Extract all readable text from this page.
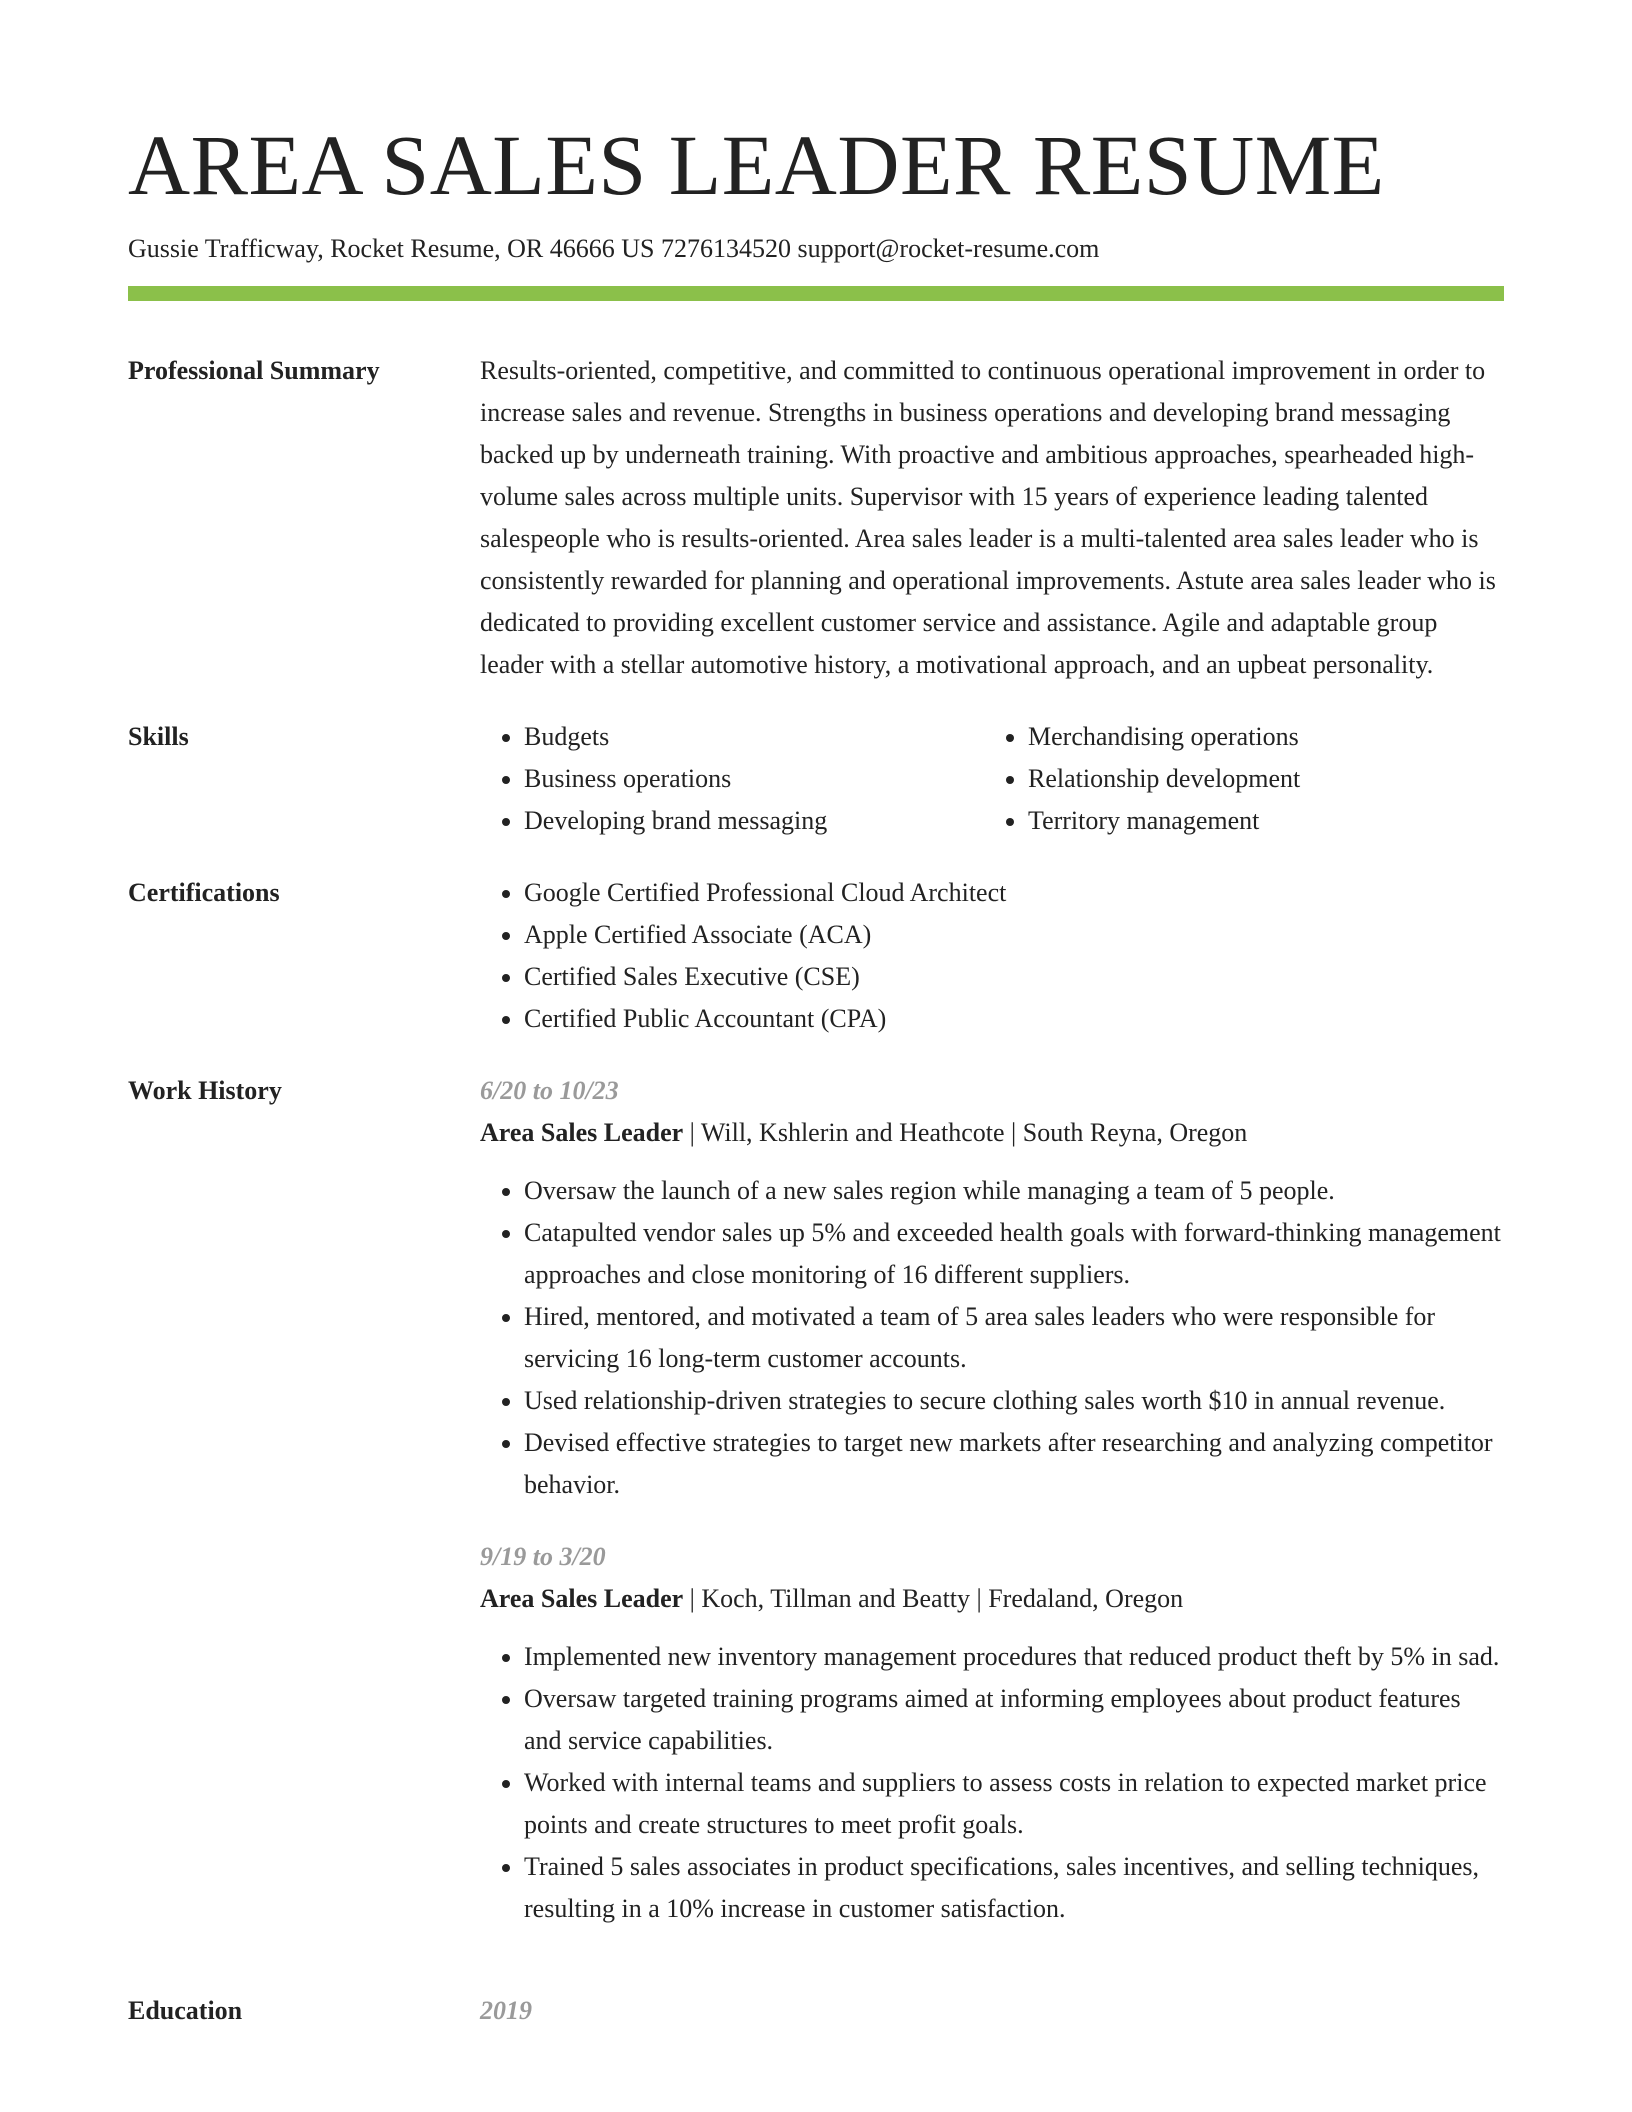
AREA SALES LEADER RESUME
Gussie Trafficway, Rocket Resume, OR 46666 US 7276134520 support@rocket-resume.com
Professional Summary	Results-oriented, competitive, and committed to continuous operational improvement in order to increase sales and revenue. Strengths in business operations and developing brand messaging backed up by underneath training. With proactive and ambitious approaches, spearheaded high-volume sales across multiple units. Supervisor with 15 years of experience leading talented salespeople who is results-oriented. Area sales leader is a multi-talented area sales leader who is consistently rewarded for planning and operational improvements. Astute area sales leader who is dedicated to providing excellent customer service and assistance. Agile and adaptable group leader with a stellar automotive history, a motivational approach, and an upbeat personality.

Skills	• Budgets
• Business operations
• Developing brand messaging
• Merchandising operations
• Relationship development
• Territory management
Certifications	• Google Certified Professional Cloud Architect
• Apple Certified Associate (ACA)
• Certified Sales Executive (CSE)
• Certified Public Accountant (CPA)
Work History	6/20 to 10/23
Area Sales Leader | Will, Kshlerin and Heathcote | South Reyna, Oregon
• Oversaw the launch of a new sales region while managing a team of 5 people.
• Catapulted vendor sales up 5% and exceeded health goals with forward-thinking management approaches and close monitoring of 16 different suppliers.
• Hired, mentored, and motivated a team of 5 area sales leaders who were responsible for servicing 16 long-term customer accounts.
• Used relationship-driven strategies to secure clothing sales worth $10 in annual revenue.
• Devised effective strategies to target new markets after researching and analyzing competitor behavior.
9/19 to 3/20
Area Sales Leader | Koch, Tillman and Beatty | Fredaland, Oregon
• Implemented new inventory management procedures that reduced product theft by 5% in sad.
• Oversaw targeted training programs aimed at informing employees about product features and service capabilities.
• Worked with internal teams and suppliers to assess costs in relation to expected market price points and create structures to meet profit goals.
• Trained 5 sales associates in product specifications, sales incentives, and selling techniques, resulting in a 10% increase in customer satisfaction.
Education	2019
